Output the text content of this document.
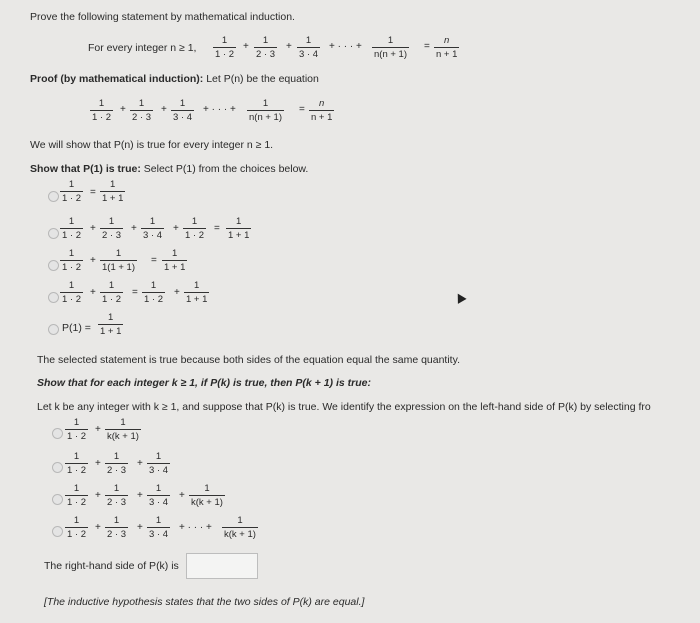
Prove the following statement by mathematical induction.
For every integer n ≥ 1,
1
1 · 2
+
1
2 · 3
+
1
3 · 4
+ · · · +
1
n(n + 1)
=
n
n + 1
Proof (by mathematical induction): Let P(n) be the equation
1
1 · 2
+
1
2 · 3
+
1
3 · 4
+ · · · +
1
n(n + 1)
=
n
n + 1
We will show that P(n) is true for every integer n ≥ 1.
Show that P(1) is true: Select P(1) from the choices below.
1
1 · 2 =
1
1 + 1
1
1 · 2
+
1
2 · 3
+
1
3 · 4
+
1
1 · 2
=
1
1 + 1
1
1 · 2
+
1
1(1 + 1)
=
1
1 + 1
1
1 · 2
+
1
1 · 2
=
1
1 · 2
+
1
1 + 1
P(1) =
1
1 + 1
The selected statement is true because both sides of the equation equal the same quantity.
Show that for each integer k ≥ 1, if P(k) is true, then P(k + 1) is true:
Let k be any integer with k ≥ 1, and suppose that P(k) is true. We identify the expression on the left-hand side of P(k) by selecting fro
1
1 · 2
+
1
k(k + 1)
1
1 · 2
+
1
2 · 3
+
1
3 · 4
1
1 · 2
+
1
2 · 3
+
1
3 · 4
+
1
k(k + 1)
1
1 · 2
+
1
2 · 3
+
1
3 · 4
+ · · · +
1
k(k + 1)
The right-hand side of P(k) is
[The inductive hypothesis states that the two sides of P(k) are equal.]
